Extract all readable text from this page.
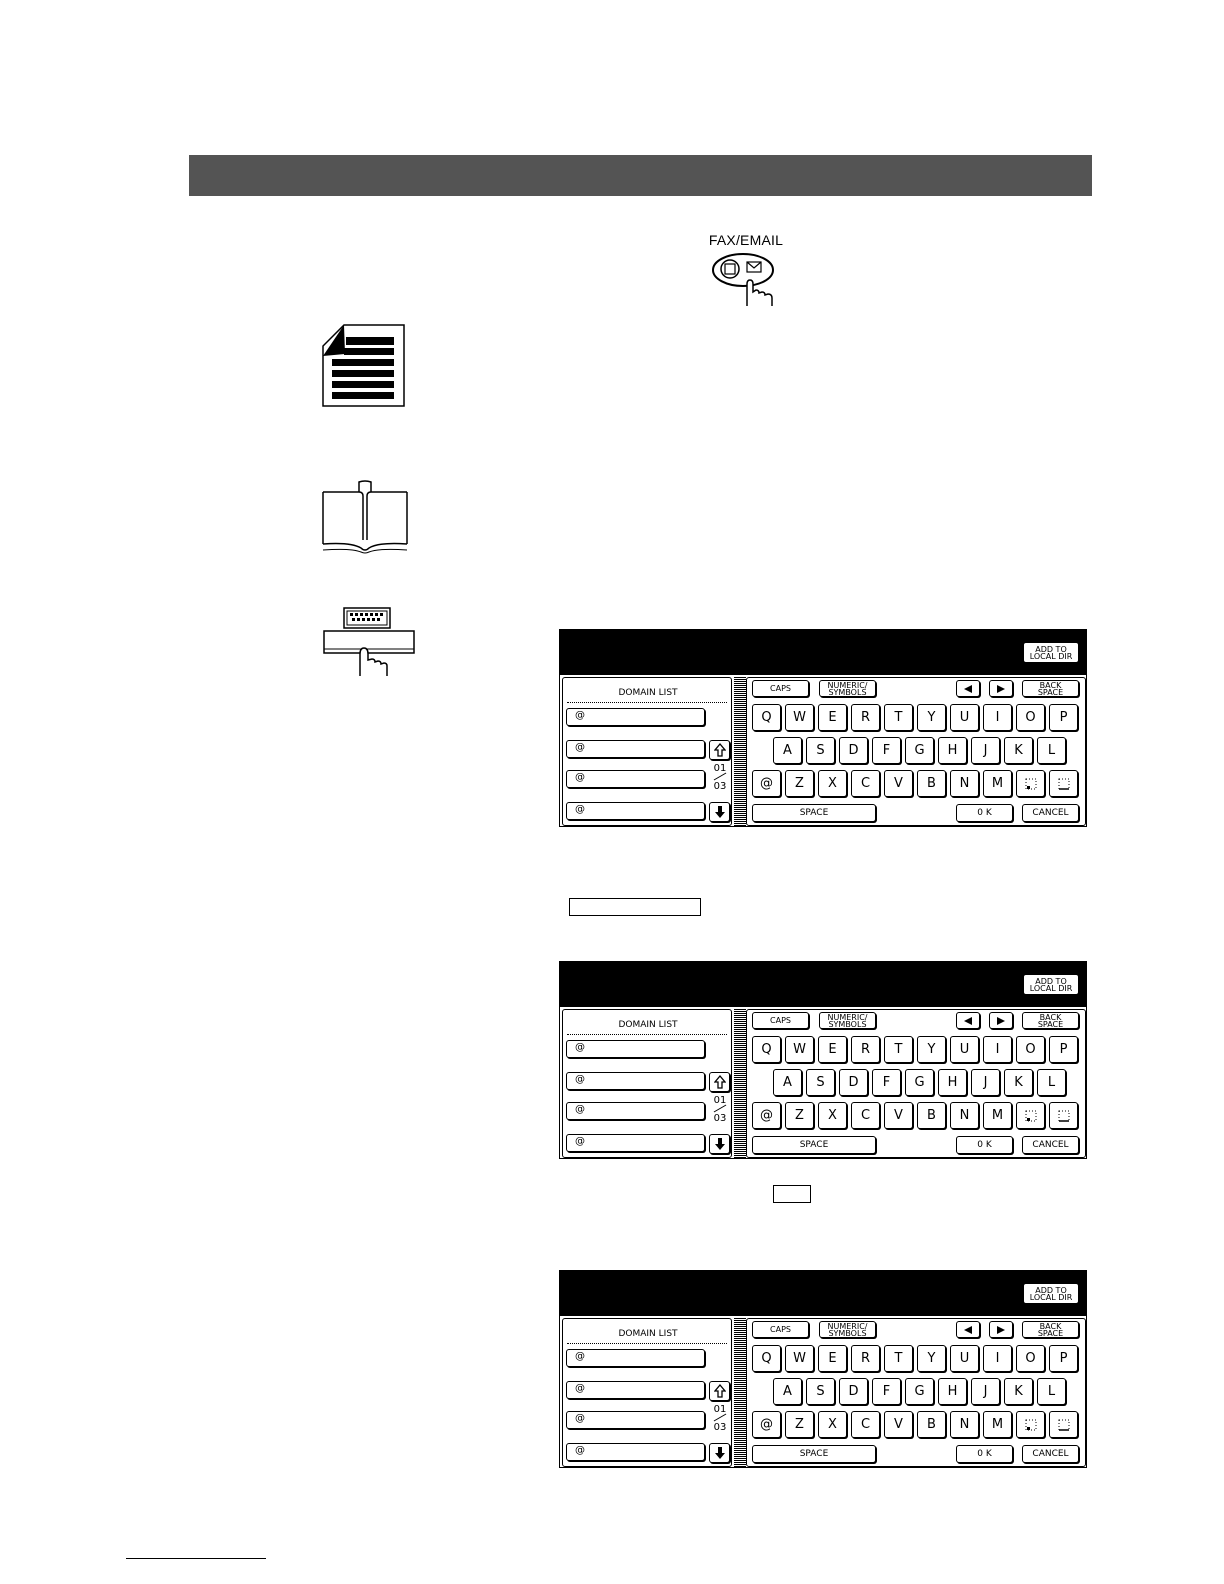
FAX/EMAIL
ADD TO
LOCAL DIR
DOMAIN LIST
@
@
@
@
01
03
CAPS	NUMERIC/
SYMBOLS
BACK
SPACE
Q	W	E	R	T	Y	U	I	O	P
A	S	D	F	G	H	J	K	L
@	Z	X	C	V	B	N	M
SPACE	0 K	CANCEL
ADD TO
LOCAL DIR
DOMAIN LIST
@
@
@
@
01
03
CAPS	NUMERIC/
SYMBOLS
BACK
SPACE
Q	W	E	R	T	Y	U	I	O	P
A	S	D	F	G	H	J	K	L
@	Z	X	C	V	B	N	M
SPACE	0 K	CANCEL
ADD TO
LOCAL DIR
DOMAIN LIST
@
@
@
@
01
03
CAPS	NUMERIC/
SYMBOLS
BACK
SPACE
Q	W	E	R	T	Y	U	I	O	P
A	S	D	F	G	H	J	K	L
@	Z	X	C	V	B	N	M
SPACE	0 K	CANCEL
